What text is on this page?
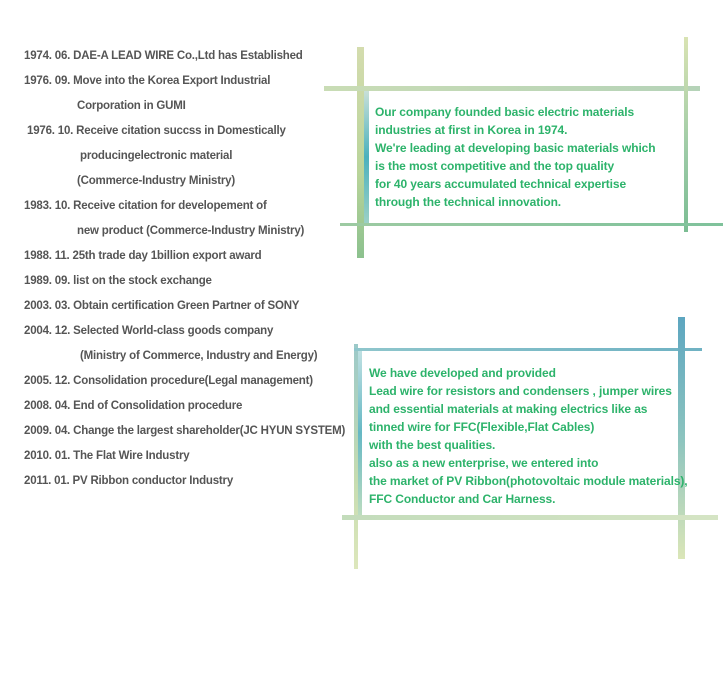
1974. 06. DAE-A LEAD WIRE Co.,Ltd has Established
1976. 09. Move into the Korea Export Industrial
Corporation in GUMI
1976. 10. Receive citation succss in Domestically
producingelectronic material
(Commerce-Industry Ministry)
1983. 10. Receive citation for developement of
new product (Commerce-Industry Ministry)
1988. 11. 25th trade day 1billion export award
1989. 09. list on the stock exchange
2003. 03. Obtain certification Green Partner of SONY
2004. 12. Selected World-class goods company
(Ministry of Commerce, Industry and Energy)
2005. 12. Consolidation procedure(Legal management)
2008. 04. End of Consolidation procedure
2009. 04. Change the largest shareholder(JC HYUN SYSTEM)
2010. 01. The Flat Wire Industry
2011. 01. PV Ribbon conductor Industry
Our company founded basic electric materials
industries at first in Korea in 1974.
We're leading at developing basic materials which
is the most competitive and the top quality
for 40 years accumulated technical expertise
through the technical innovation.
We have developed and provided
Lead wire for resistors and condensers , jumper wires
and essential materials at making electrics like as
tinned wire for FFC(Flexible,Flat Cables)
with the best qualities.
also as a new enterprise, we entered into
the market of PV Ribbon(photovoltaic module materials),
FFC Conductor and Car Harness.
